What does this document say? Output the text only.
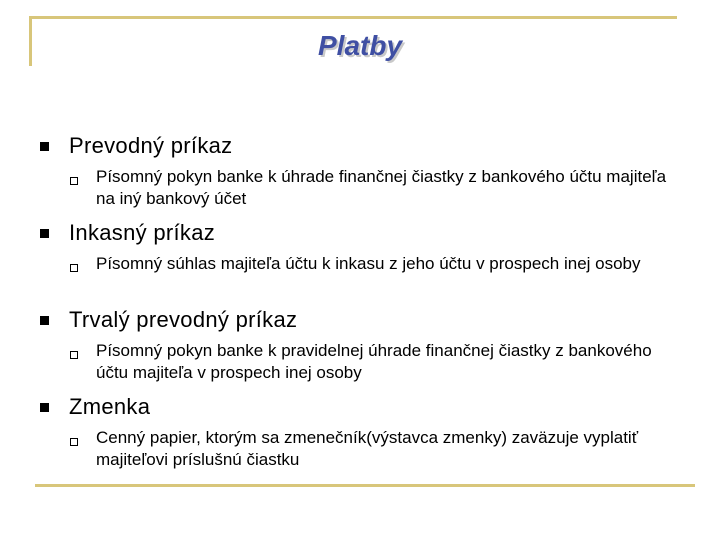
Platby
Prevodný príkaz
Písomný pokyn banke k úhrade finančnej čiastky z bankového účtu majiteľa na iný bankový účet
Inkasný príkaz
Písomný súhlas majiteľa účtu k inkasu z jeho účtu v prospech inej osoby
Trvalý prevodný príkaz
Písomný pokyn banke k pravidelnej úhrade finančnej čiastky z bankového účtu majiteľa v prospech inej osoby
Zmenka
Cenný papier, ktorým sa zmenečník(výstavca zmenky) zaväzuje vyplatiť majiteľovi príslušnú čiastku
